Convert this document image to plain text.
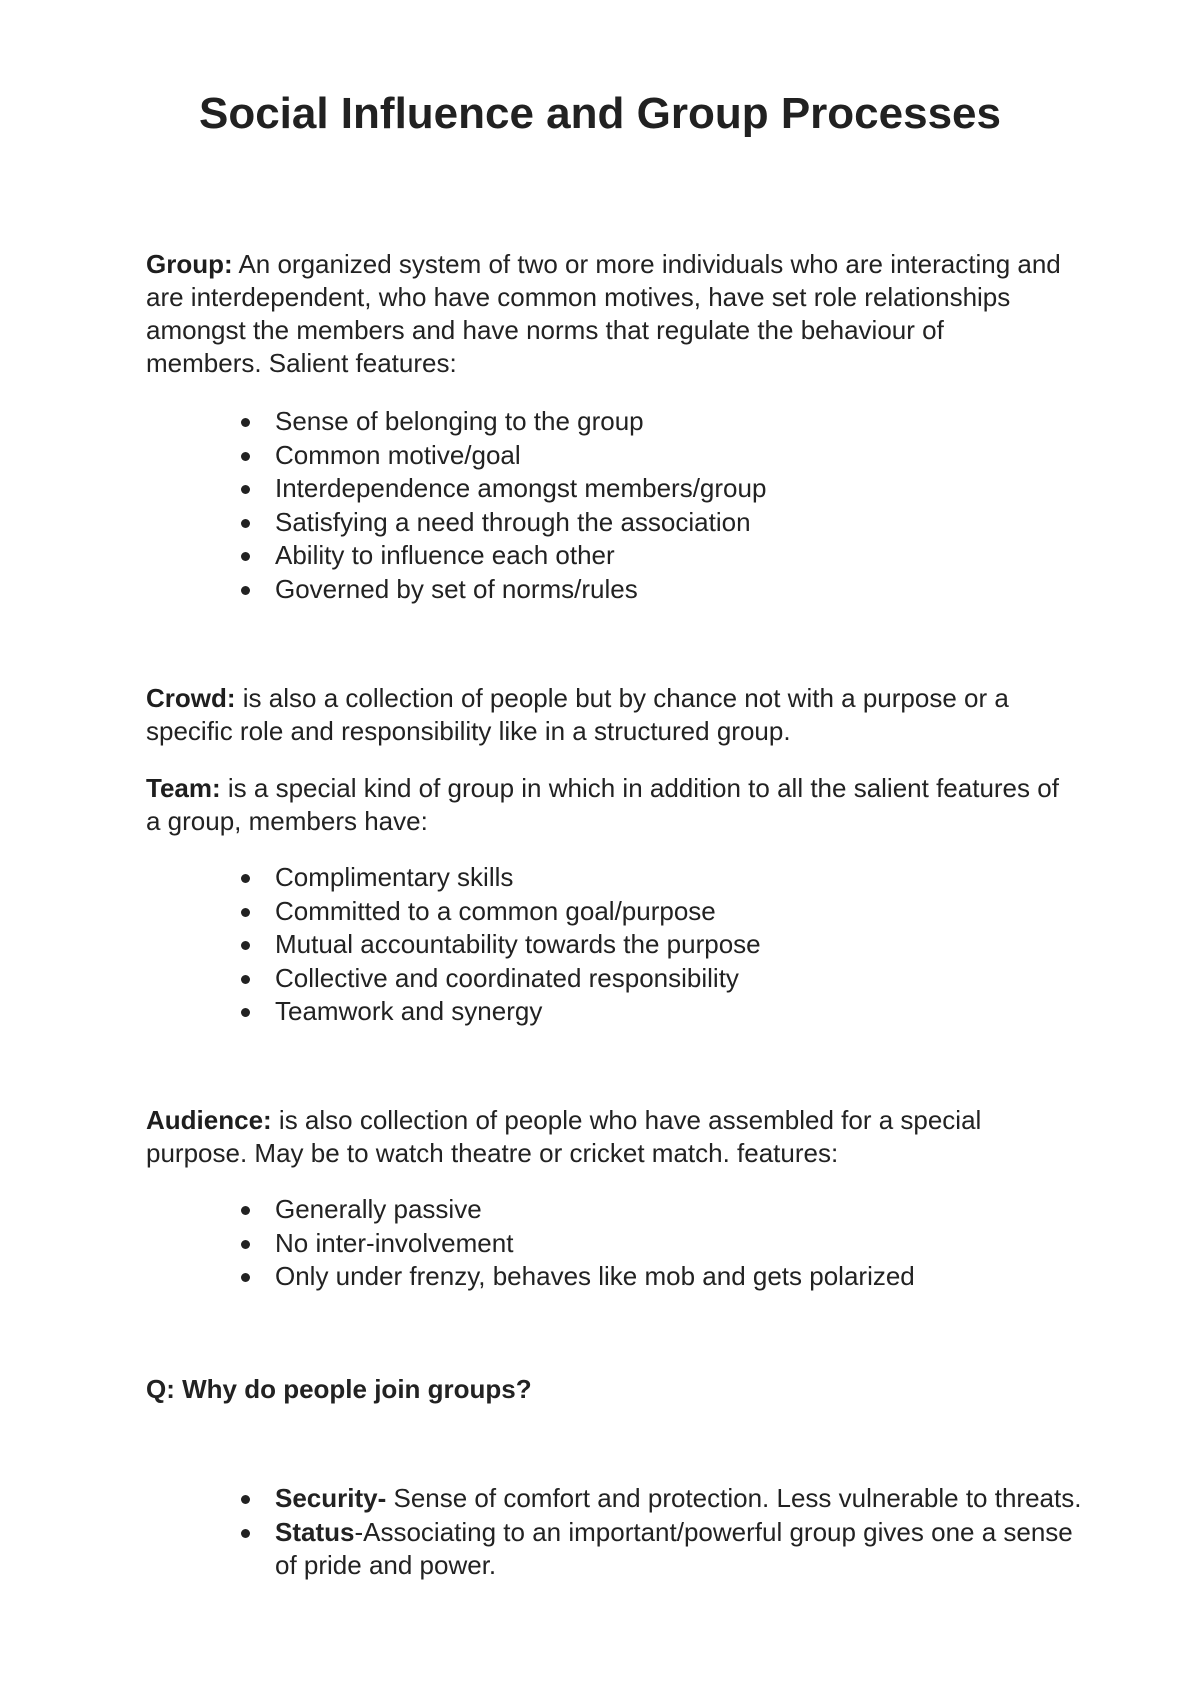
Social Influence and Group Processes

Group: An organized system of two or more individuals who are interacting and are interdependent, who have common motives, have set role relationships amongst the members and have norms that regulate the behaviour of members. Salient features:

Sense of belonging to the group
Common motive/goal
Interdependence amongst members/group
Satisfying a need through the association
Ability to influence each other
Governed by set of norms/rules

Crowd: is also a collection of people but by chance not with a purpose or a specific role and responsibility like in a structured group.

Team: is a special kind of group in which in addition to all the salient features of a group, members have:

Complimentary skills
Committed to a common goal/purpose
Mutual accountability towards the purpose
Collective and coordinated responsibility
Teamwork and synergy

Audience: is also collection of people who have assembled for a special purpose. May be to watch theatre or cricket match. features:

Generally passive
No inter-involvement
Only under frenzy, behaves like mob and gets polarized

Q: Why do people join groups?

Security- Sense of comfort and protection. Less vulnerable to threats.
Status-Associating to an important/powerful group gives one a sense of pride and power.
